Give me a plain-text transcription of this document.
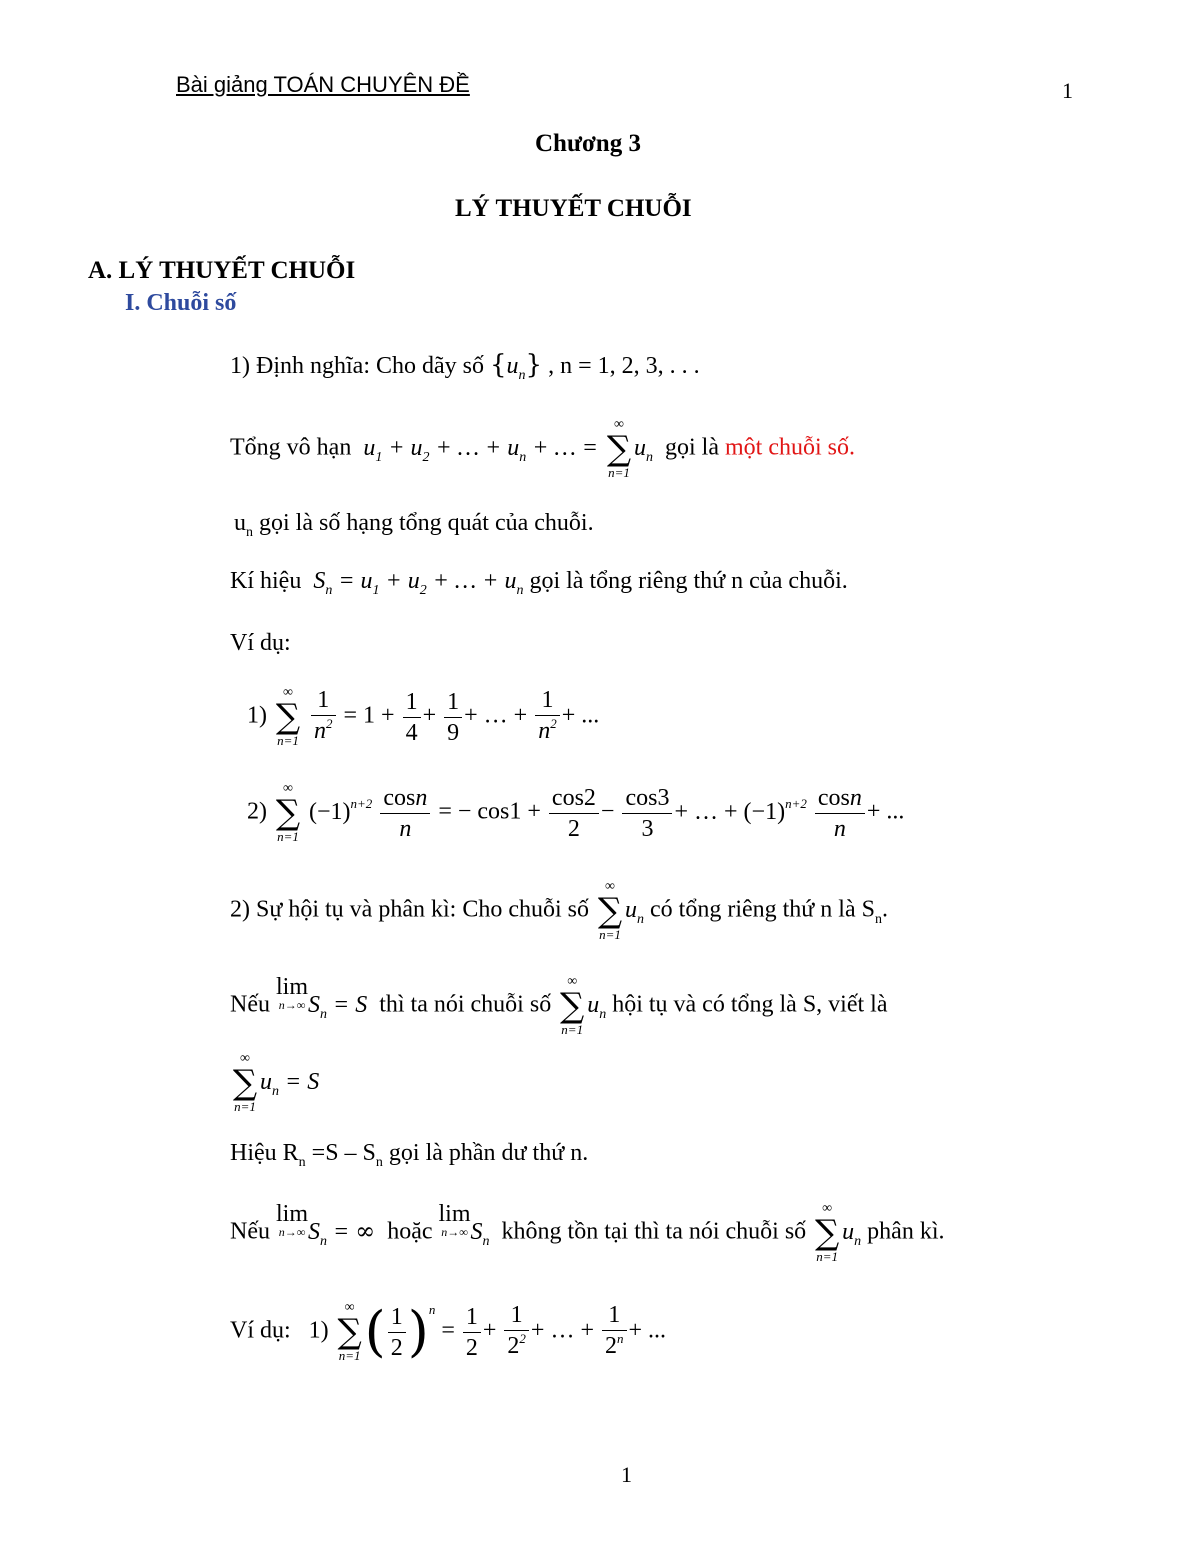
Bài giảng TOÁN CHUYÊN ĐỀ	1
Chương 3
LÝ THUYẾT CHUỖI
A. LÝ THUYẾT CHUỖI
I. Chuỗi số
1) Định nghĩa: Cho dãy số $\{u_n\}$ , n = 1, 2, 3, . . .
Tổng vô hạn  $u_1 + u_2$ + … + $u_n$ + … =
∞
∑
n=1
$u_n$ gọi là một chuỗi số.
$u_n$ gọi là số hạng tổng quát của chuỗi.
Kí hiệu  $S_n = u_1 + u_2$ + … + $u_n$ gọi là tổng riêng thứ n của chuỗi.
Ví dụ:
1)
∞
∑
n=1
$\frac{1}{n^2} = 1 + \frac{1}{4} + \frac{1}{9}$ + … + $\frac{1}{n^2}$ + ...
2)
∞
∑
n=1
$(-1)^{n+2} \frac{\cos n}{n}$ = − $\cos 1 + \frac{\cos 2}{2} - \frac{\cos 3}{3}$ + … + $(-1)^{n+2} \frac{\cos n}{n}$ + ...
2) Sự hội tụ và phân kì: Cho chuỗi số
∞
∑
n=1
$u_n$ có tổng riêng thứ n là $S_n$.
Nếu
lim
n→∞ $S_n = S$ thì ta nói chuỗi số
∞
∑
n=1
$u_n$ hội tụ và có tổng là S, viết là
∞
∑
n=1
$u_n = S$
Hiệu $R_n =S - S_n$ gọi là phần dư thứ n.
Nếu
lim
n→∞ $S_n$ = ∞ hoặc
lim
n→∞ $S_n$ không tồn tại thì ta nói chuỗi số
∞
∑
n=1
$u_n$ phân kì.
Ví dụ: 1)
∞
∑
n=1 ( $\frac{1}{2} )^n = \frac{1}{2} + \frac{1}{2^2}$ + … + $\frac{1}{2^n}$ + ...
1
